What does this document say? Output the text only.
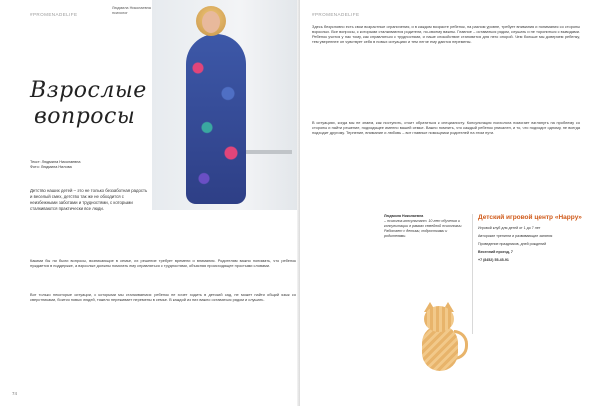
#PROMENADELIFE
Людмила Николаевна
психолог
Взрослые
вопросы
Текст: Людмила Николаевна
Фото: Людмила Нилова
Детство наших детей – это не только беззаботная радость и веселый смех, детство так же не обходится с неизбежными заботами и трудностями, с которыми сталкиваются практически все люди.
Какими бы ни были вопросы, возникающие в семье, их решение требует времени и внимания. Родителям важно понимать, что ребенок нуждается в поддержке, а взрослые должны помогать ему справляться с трудностями, объясняя происходящее простыми словами.
Вот только некоторые ситуации, с которыми мы сталкиваемся: ребенок не хочет ходить в детский сад, не может найти общий язык со сверстниками, боится новых людей, тяжело переживает перемены в семье. В каждой из них важно оставаться рядом и слушать.
74
#PROMENADELIFE
Здесь безусловно есть свои возрастные ограничения, и в каждом возрасте ребенок, на разном уровне, требует внимания и понимания со стороны взрослых. Все вопросы, с которыми сталкиваются родители, по-своему важны. Главное – оставаться рядом, слушать и не торопиться с выводами. Ребенок учится у нас тому, как справляться с трудностями, и наше спокойствие становится для него опорой. Чем больше мы доверяем ребенку, тем увереннее он чувствует себя в новых ситуациях и тем легче ему даются перемены.
В ситуациях, когда мы не знаем, как поступить, стоит обратиться к специалисту. Консультация психолога помогает взглянуть на проблему со стороны и найти решение, подходящее именно вашей семье. Важно помнить, что каждый ребенок уникален, и то, что подходит одному, не всегда подходит другому. Терпение, внимание и любовь – вот главные помощники родителей на этом пути.
Людмила Николаевна
– психолог-консультант. 10 лет обучения и консультации в рамках семейной психологии. Работает с детьми, подростками и родителями.
Детский игровой центр «Happy»
Игровой клуб для детей от 1 до 7 лет
Авторские тренинги и развивающие занятия
Проведение праздников, дней рождений
Весенний проезд, 7
+7 (8452) 55-45-91
